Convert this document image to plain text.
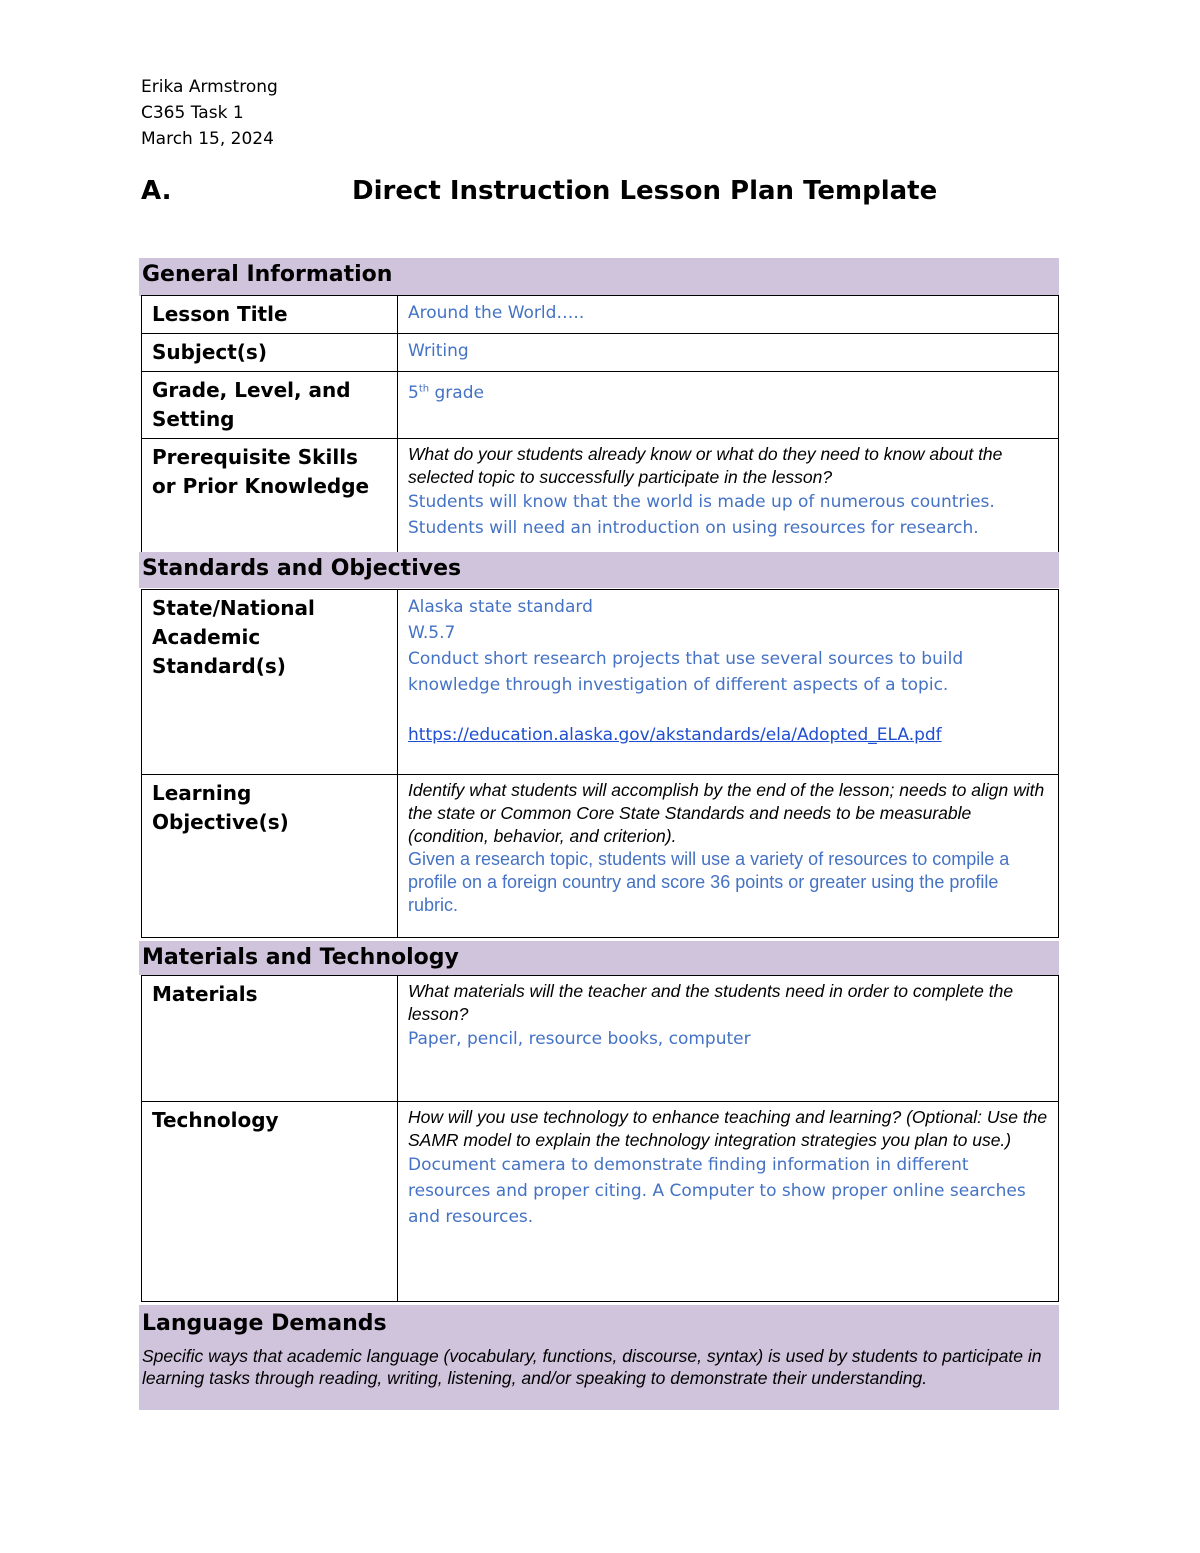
Erika Armstrong
C365 Task 1
March 15, 2024
A.	Direct Instruction Lesson Plan Template
General Information
Lesson Title	Around the World…..
Subject(s)	Writing
Grade, Level, and Setting	5th grade
Prerequisite Skills or Prior Knowledge	What do your students already know or what do they need to know about the selected topic to successfully participate in the lesson?
Students will know that the world is made up of numerous countries.
Students will need an introduction on using resources for research.
Standards and Objectives
State/National Academic Standard(s)	Alaska state standard
W.5.7
Conduct short research projects that use several sources to build knowledge through investigation of different aspects of a topic.
https://education.alaska.gov/akstandards/ela/Adopted_ELA.pdf
Learning Objective(s)	Identify what students will accomplish by the end of the lesson; needs to align with the state or Common Core State Standards and needs to be measurable (condition, behavior, and criterion).
Given a research topic, students will use a variety of resources to compile a profile on a foreign country and score 36 points or greater using the profile rubric.
Materials and Technology
Materials	What materials will the teacher and the students need in order to complete the lesson?
Paper, pencil, resource books, computer

Technology	How will you use technology to enhance teaching and learning? (Optional: Use the SAMR model to explain the technology integration strategies you plan to use.)
Document camera to demonstrate finding information in different resources and proper citing. A Computer to show proper online searches and resources.
Language Demands
Specific ways that academic language (vocabulary, functions, discourse, syntax) is used by students to participate in learning tasks through reading, writing, listening, and/or speaking to demonstrate their understanding.
